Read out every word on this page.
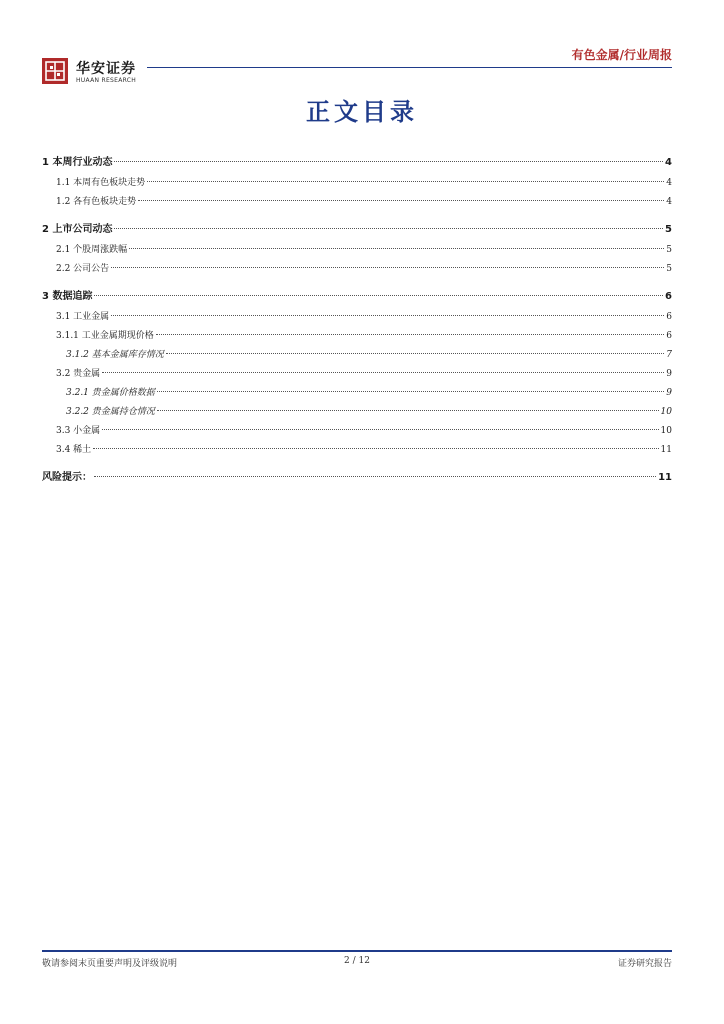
华安证券
HUAAN RESEARCH
有色金属/行业周报
正文目录
1 本周行业动态	4
1.1 本周有色板块走势	4
1.2 各有色板块走势	4
2 上市公司动态	5
2.1 个股周涨跌幅	5
2.2 公司公告	5
3 数据追踪	6
3.1 工业金属	6
3.1.1 工业金属期现价格	6
3.1.2 基本金属库存情况	7
3.2 贵金属	9
3.2.1 贵金属价格数据	9
3.2.2 贵金属持仓情况	10
3.3 小金属	10
3.4 稀土	11
风险提示：	11
敬请参阅末页重要声明及评级说明	2 / 12	证券研究报告
